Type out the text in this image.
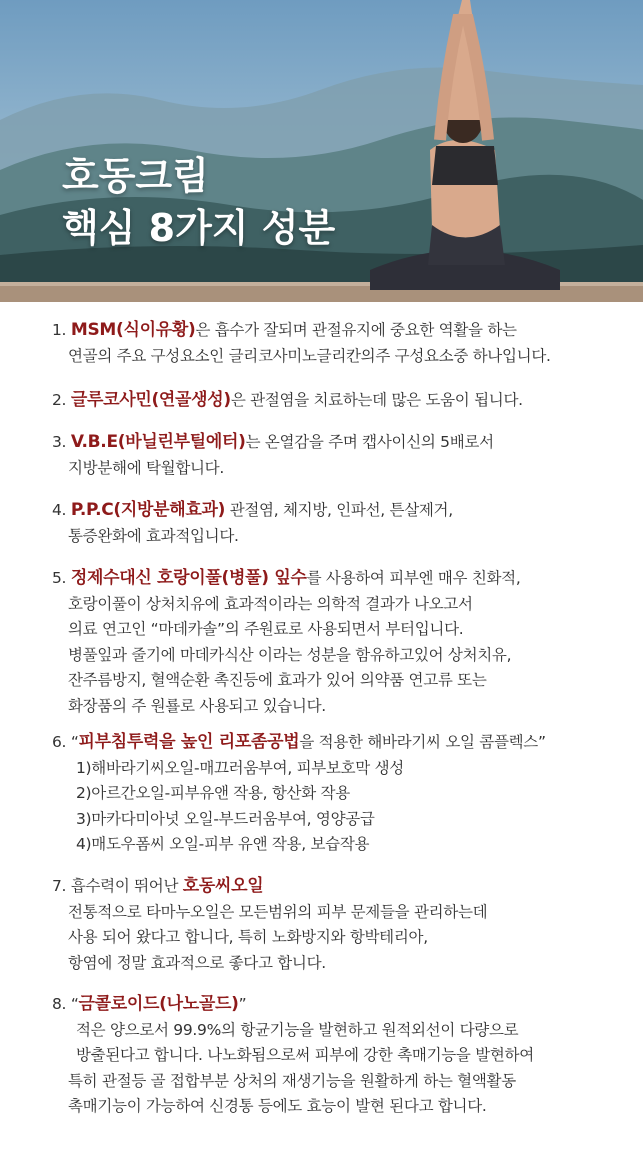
호동크림
핵심 8가지 성분
1. MSM(식이유황)은 흡수가 잘되며 관절유지에 중요한 역활을 하는
연골의 주요 구성요소인 글리코사미노글리칸의주 구성요소중 하나입니다.
2. 글루코사민(연골생성)은 관절염을 치료하는데 많은 도움이 됩니다.
3. V.B.E(바닐린부틸에터)는 온열감을 주며 캡사이신의 5배로서
지방분해에 탁월합니다.
4. P.P.C(지방분해효과) 관절염, 체지방, 인파선, 튼살제거,
통증완화에 효과적입니다.
5. 정제수대신 호랑이풀(병풀) 잎수를 사용하여 피부엔 매우 친화적,
호랑이풀이 상처치유에 효과적이라는 의학적 결과가 나오고서
의료 연고인 “마데카솔”의 주원료로 사용되면서 부터입니다.
병풀잎과 줄기에 마데카식산 이라는 성분을 함유하고있어 상처치유,
잔주름방지, 혈액순환 촉진등에 효과가 있어 의약품 연고류 또는
화장품의 주 원룔로 사용되고 있습니다.
6. “피부침투력을 높인 리포좀공법을 적용한 해바라기씨 오일 콤플렉스”
1)해바라기씨오일-매끄러움부여, 피부보호막 생성
2)아르간오일-피부유앤 작용, 항산화 작용
3)마카다미아넛 오일-부드러움부여, 영양공급
4)매도우폼씨 오일-피부 유앤 작용, 보습작용
7. 흡수력이 뛰어난 호동씨오일
전통적으로 타마누오일은 모든범위의 피부 문제들을 관리하는데
사용 되어 왔다고 합니다, 특히 노화방지와 항박테리아,
항염에 정말 효과적으로 좋다고 합니다.
8. “금콜로이드(나노골드)”
적은 양으로서 99.9%의 항균기능을 발현하고 원적외선이 다량으로
방출된다고 합니다. 나노화됨으로써 피부에 강한 촉매기능을 발현하여
특히 관절등 골 접합부분 상처의 재생기능을 원활하게 하는 혈액활동
촉매기능이 가능하여 신경통 등에도 효능이 발현 된다고 합니다.
